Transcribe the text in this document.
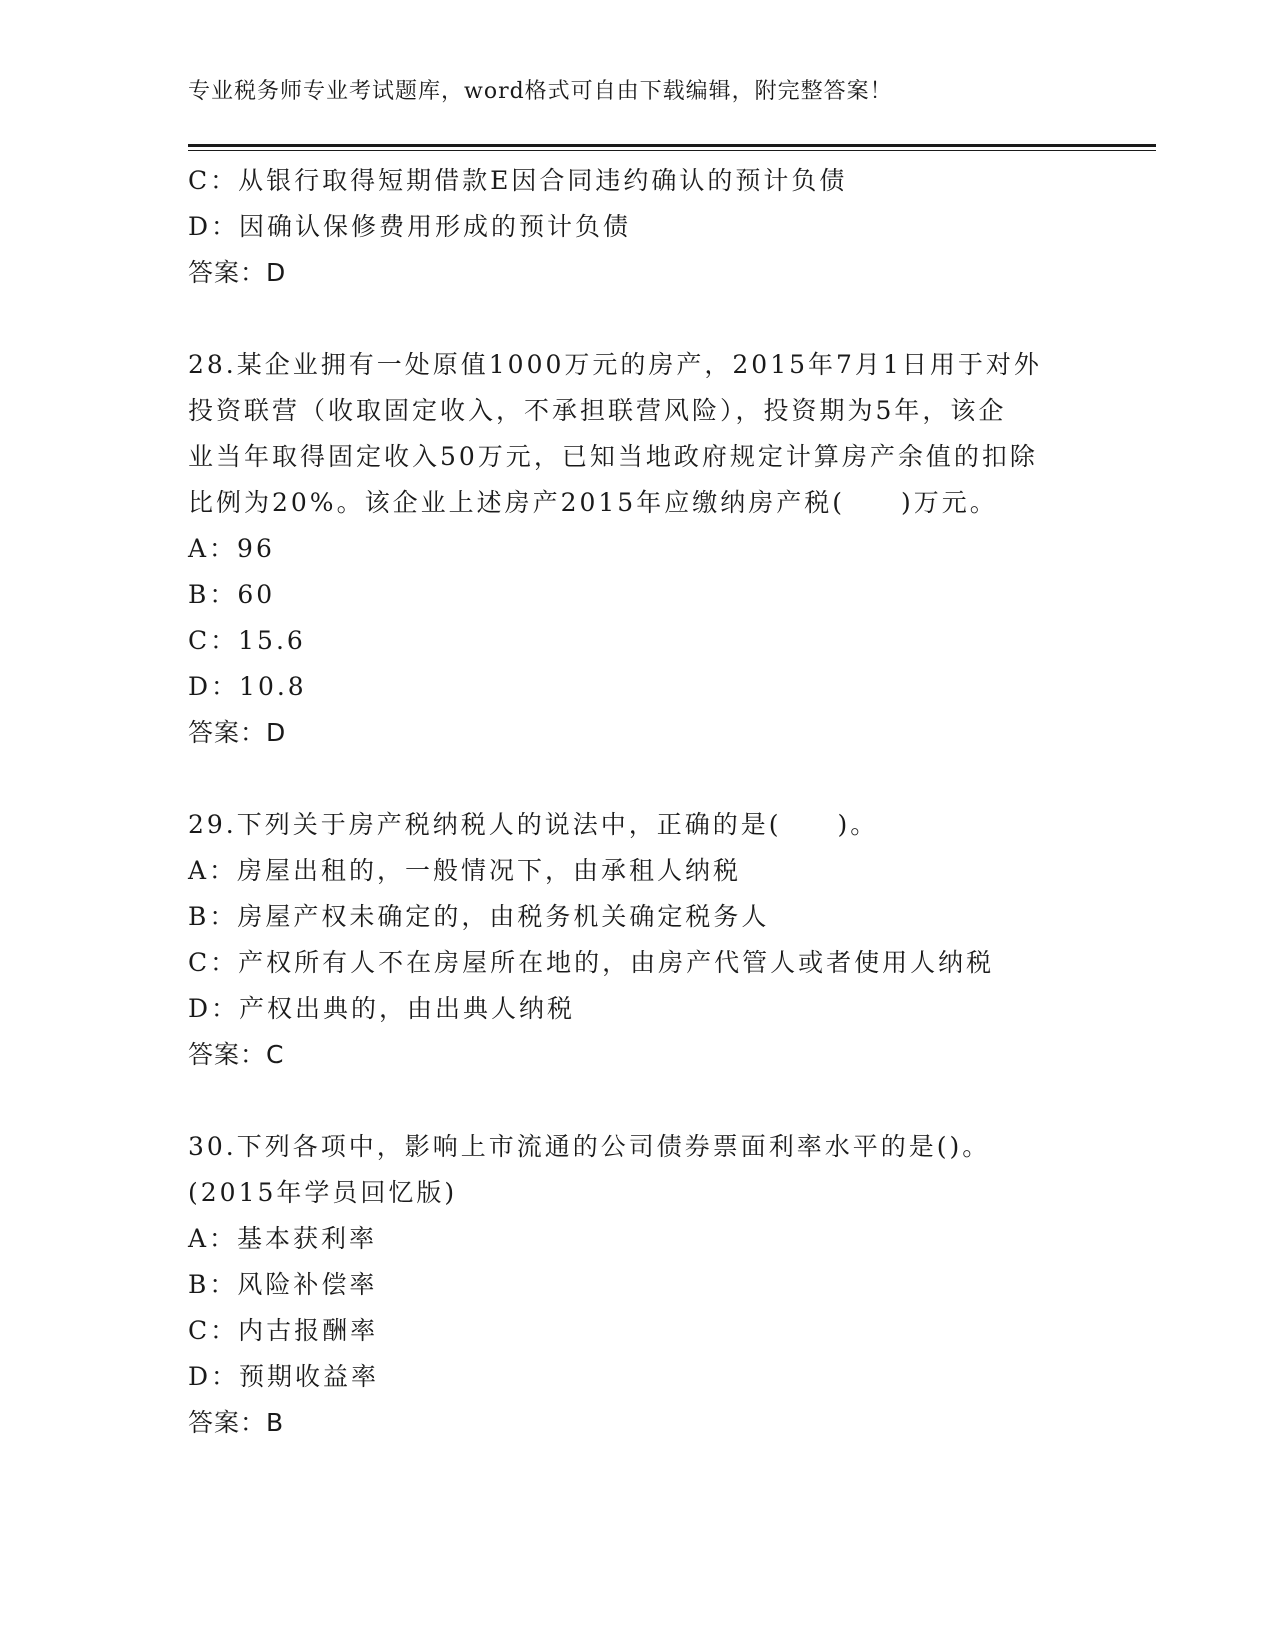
专业税务师专业考试题库，word格式可自由下载编辑，附完整答案！
C：从银行取得短期借款E因合同违约确认的预计负债
D：因确认保修费用形成的预计负债
答案：D
28.某企业拥有一处原值1000万元的房产，2015年7月1日用于对外
投资联营（收取固定收入，不承担联营风险），投资期为5年，该企
业当年取得固定收入50万元，已知当地政府规定计算房产余值的扣除
比例为20%。该企业上述房产2015年应缴纳房产税(　　)万元。
A：96
B：60
C：15.6
D：10.8
答案：D
29.下列关于房产税纳税人的说法中，正确的是(　　)。
A：房屋出租的，一般情况下，由承租人纳税
B：房屋产权未确定的，由税务机关确定税务人
C：产权所有人不在房屋所在地的，由房产代管人或者使用人纳税
D：产权出典的，由出典人纳税
答案：C
30.下列各项中，影响上市流通的公司债券票面利率水平的是()。
(2015年学员回忆版)
A：基本获利率
B：风险补偿率
C：内古报酬率
D：预期收益率
答案：B
